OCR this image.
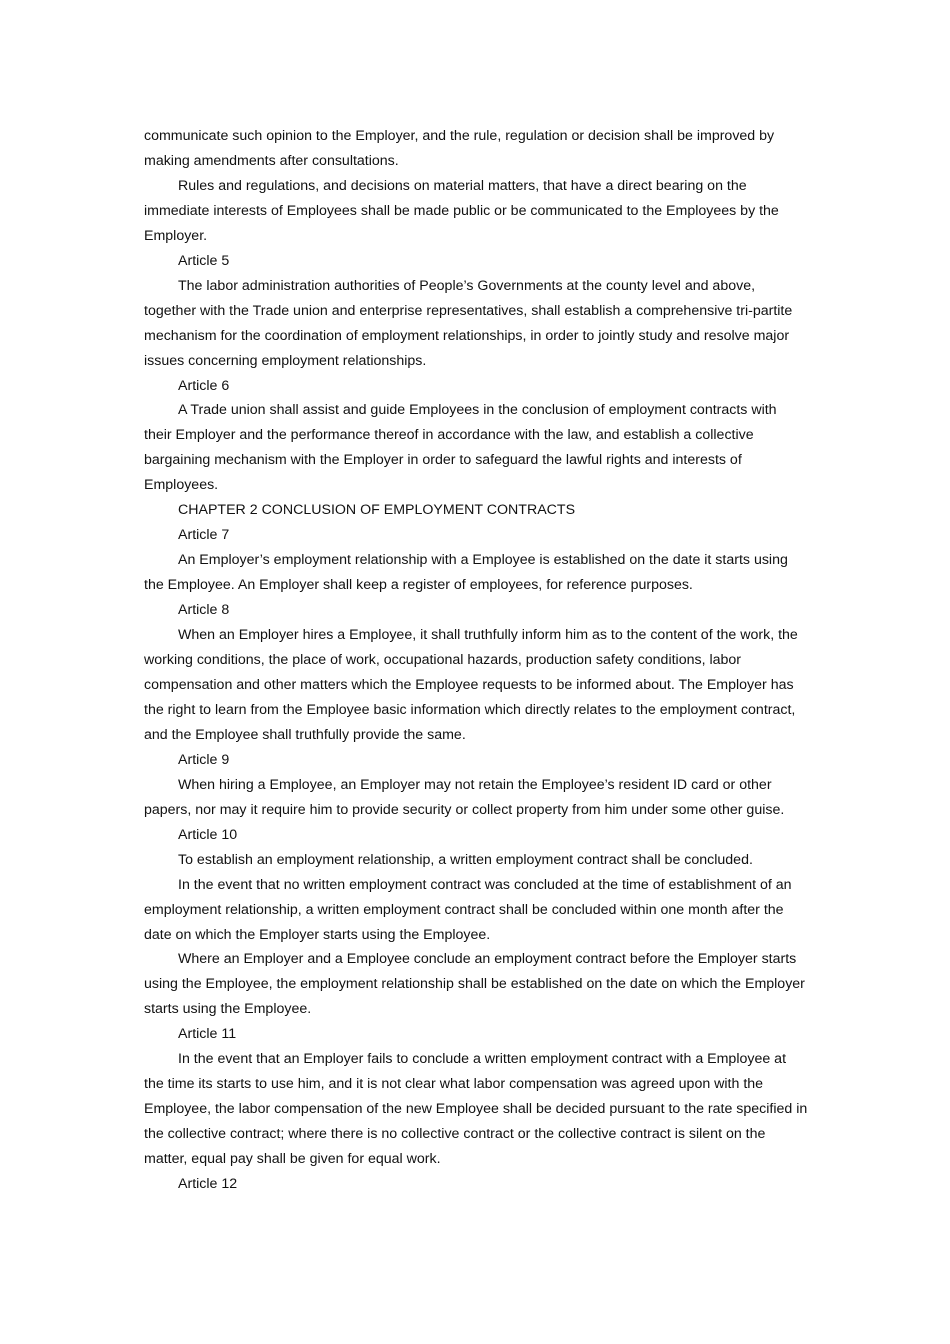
communicate such opinion to the Employer, and the rule, regulation or decision shall be improved by making amendments after consultations.

Rules and regulations, and decisions on material matters, that have a direct bearing on the immediate interests of Employees shall be made public or be communicated to the Employees by the Employer.

Article 5

The labor administration authorities of People’s Governments at the county level and above, together with the Trade union and enterprise representatives, shall establish a comprehensive tri-partite mechanism for the coordination of employment relationships, in order to jointly study and resolve major issues concerning employment relationships.

Article 6

A Trade union shall assist and guide Employees in the conclusion of employment contracts with their Employer and the performance thereof in accordance with the law, and establish a collective bargaining mechanism with the Employer in order to safeguard the lawful rights and interests of Employees.

CHAPTER 2 CONCLUSION OF EMPLOYMENT CONTRACTS

Article 7

An Employer’s employment relationship with a Employee is established on the date it starts using the Employee. An Employer shall keep a register of employees, for reference purposes.

Article 8

When an Employer hires a Employee, it shall truthfully inform him as to the content of the work, the working conditions, the place of work, occupational hazards, production safety conditions, labor compensation and other matters which the Employee requests to be informed about. The Employer has the right to learn from the Employee basic information which directly relates to the employment contract, and the Employee shall truthfully provide the same.

Article 9

When hiring a Employee, an Employer may not retain the Employee’s resident ID card or other papers, nor may it require him to provide security or collect property from him under some other guise.

Article 10

To establish an employment relationship, a written employment contract shall be concluded.

In the event that no written employment contract was concluded at the time of establishment of an employment relationship, a written employment contract shall be concluded within one month after the date on which the Employer starts using the Employee.

Where an Employer and a Employee conclude an employment contract before the Employer starts using the Employee, the employment relationship shall be established on the date on which the Employer starts using the Employee.

Article 11

In the event that an Employer fails to conclude a written employment contract with a Employee at the time its starts to use him, and it is not clear what labor compensation was agreed upon with the Employee, the labor compensation of the new Employee shall be decided pursuant to the rate specified in the collective contract; where there is no collective contract or the collective contract is silent on the matter, equal pay shall be given for equal work.

Article 12
